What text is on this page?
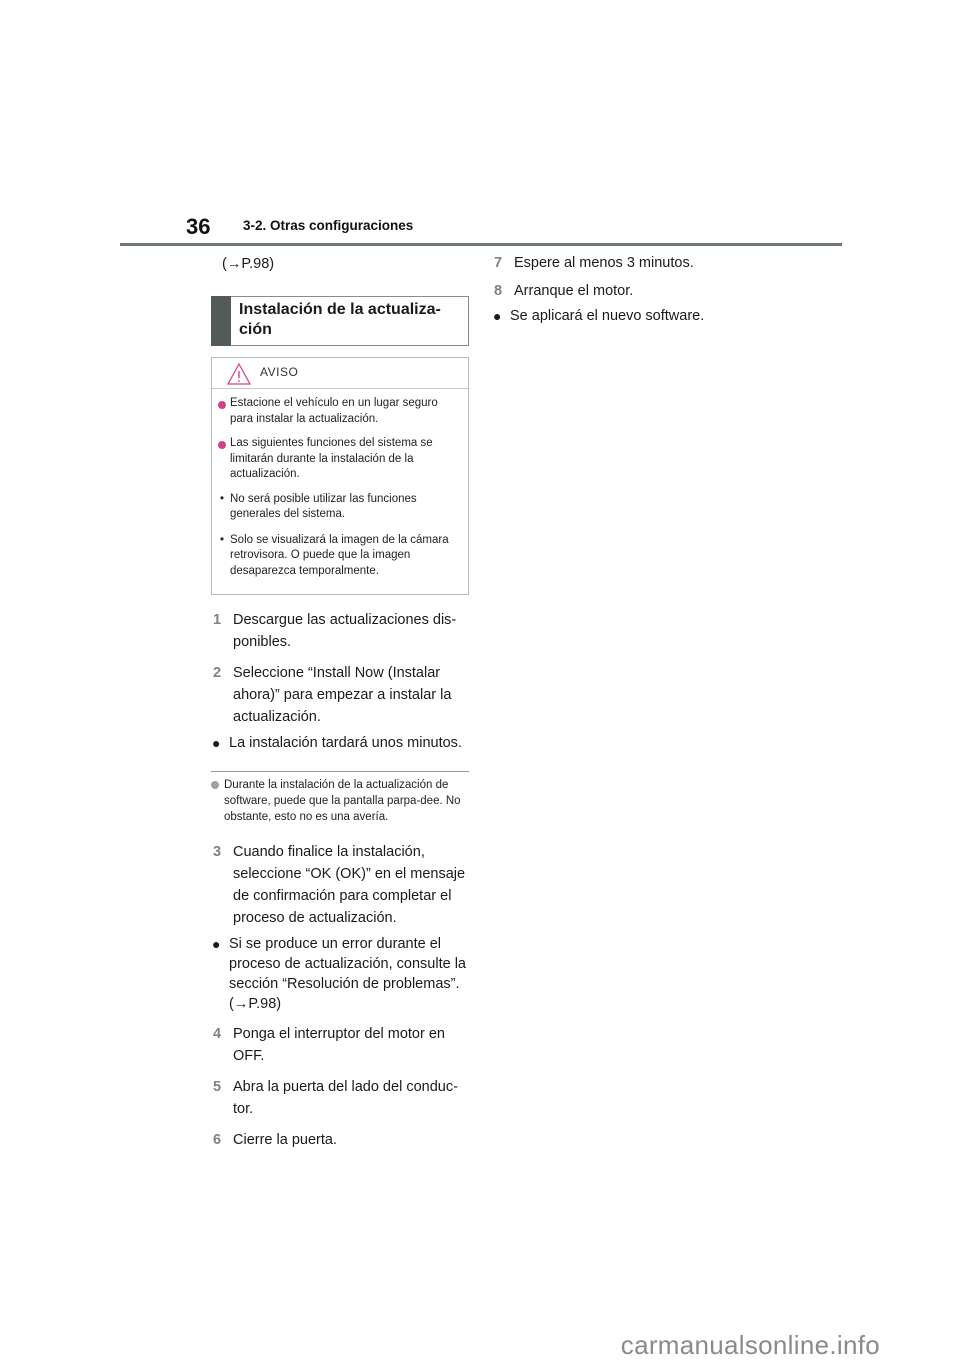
36 3-2. Otras configuraciones
(→P.98)
Instalación de la actualiza-ción
AVISO
Estacione el vehículo en un lugar seguro para instalar la actualización.
Las siguientes funciones del sistema se limitarán durante la instalación de la actualización.
• No será posible utilizar las funciones generales del sistema.
• Solo se visualizará la imagen de la cámara retrovisora. O puede que la imagen desaparezca temporalmente.
1 Descargue las actualizaciones dis-ponibles.
2 Seleccione “Install Now (Instalar ahora)” para empezar a instalar la actualización.
● La instalación tardará unos minutos.
Durante la instalación de la actualización de software, puede que la pantalla parpa-dee. No obstante, esto no es una avería.
3 Cuando finalice la instalación, seleccione “OK (OK)” en el mensaje de confirmación para completar el proceso de actualización.
● Si se produce un error durante el proceso de actualización, consulte la sección “Resolución de problemas”. (→P.98)
4 Ponga el interruptor del motor en OFF.
5 Abra la puerta del lado del conduc-tor.
6 Cierre la puerta.
7 Espere al menos 3 minutos.
8 Arranque el motor.
● Se aplicará el nuevo software.
carmanualsonline.info
